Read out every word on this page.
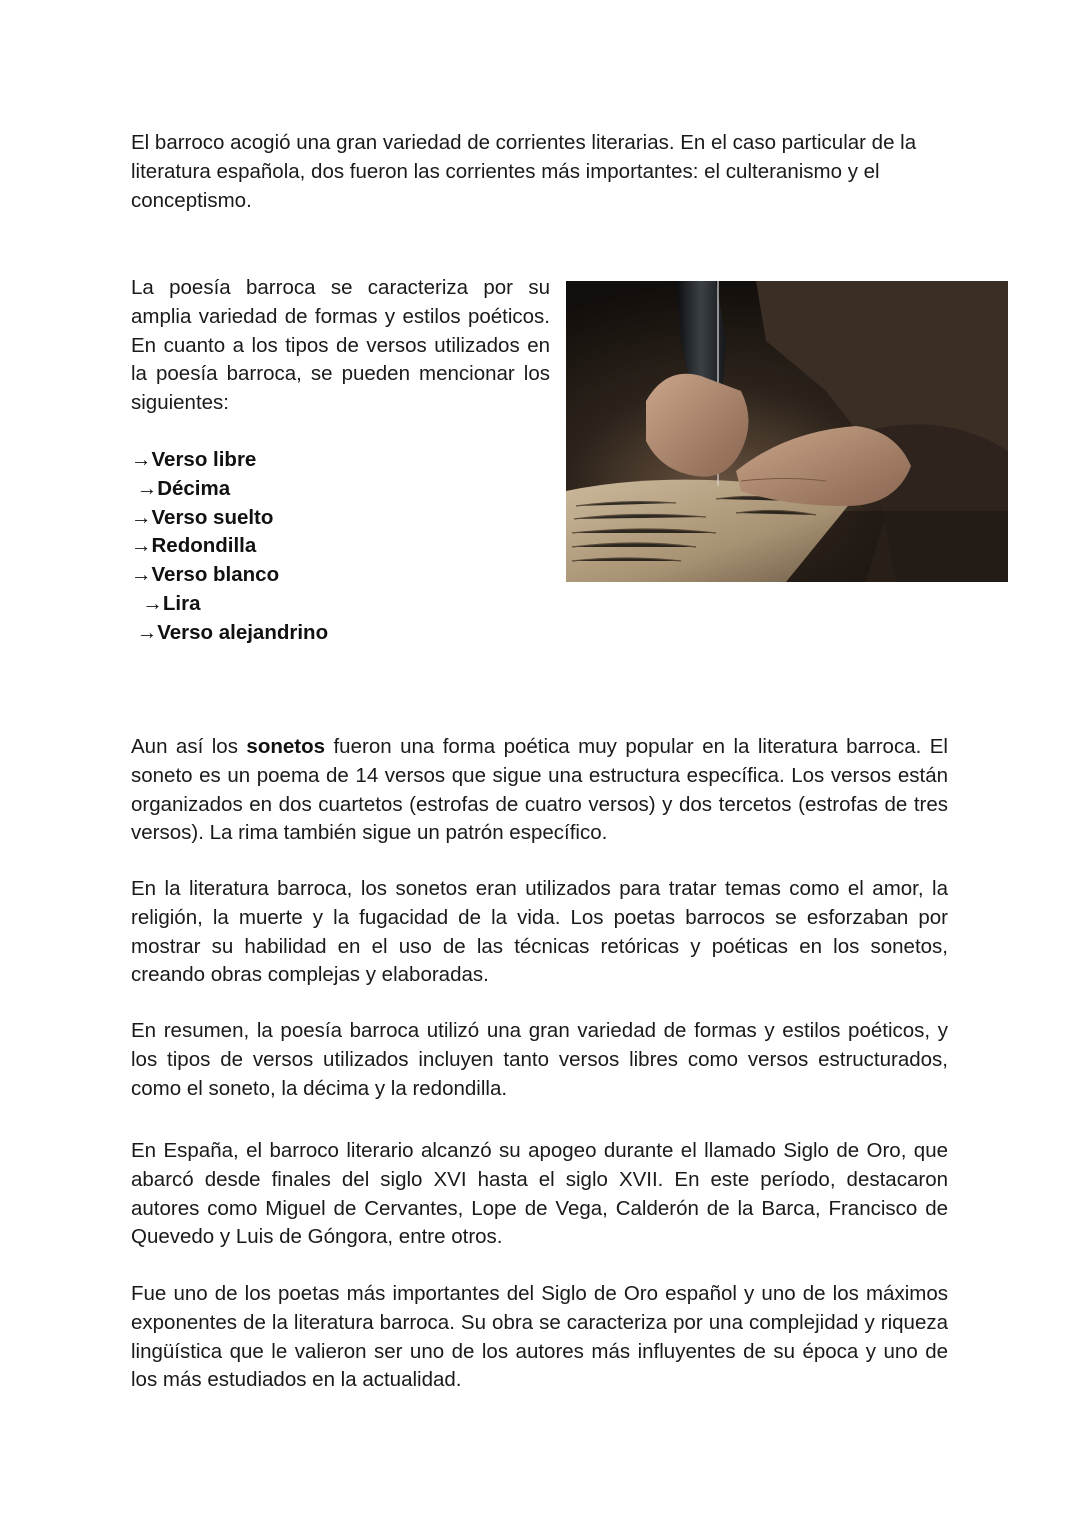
El barroco acogió una gran variedad de corrientes literarias. En el caso particular de la literatura española, dos fueron las corrientes más importantes: el culteranismo y el conceptismo.

La poesía barroca se caracteriza por su amplia variedad de formas y estilos poéticos. En cuanto a los tipos de versos utilizados en la poesía barroca, se pueden mencionar los siguientes:

→Verso libre
→Décima
→Verso suelto
→Redondilla
→Verso blanco
→Lira
→Verso alejandrino

Aun así los sonetos fueron una forma poética muy popular en la literatura barroca. El soneto es un poema de 14 versos que sigue una estructura específica. Los versos están organizados en dos cuartetos (estrofas de cuatro versos) y dos tercetos (estrofas de tres versos). La rima también sigue un patrón específico.

En la literatura barroca, los sonetos eran utilizados para tratar temas como el amor, la religión, la muerte y la fugacidad de la vida. Los poetas barrocos se esforzaban por mostrar su habilidad en el uso de las técnicas retóricas y poéticas en los sonetos, creando obras complejas y elaboradas.

En resumen, la poesía barroca utilizó una gran variedad de formas y estilos poéticos, y los tipos de versos utilizados incluyen tanto versos libres como versos estructurados, como el soneto, la décima y la redondilla.

En España, el barroco literario alcanzó su apogeo durante el llamado Siglo de Oro, que abarcó desde finales del siglo XVI hasta el siglo XVII. En este período, destacaron autores como Miguel de Cervantes, Lope de Vega, Calderón de la Barca, Francisco de Quevedo y Luis de Góngora, entre otros.

Fue uno de los poetas más importantes del Siglo de Oro español y uno de los máximos exponentes de la literatura barroca. Su obra se caracteriza por una complejidad y riqueza lingüística que le valieron ser uno de los autores más influyentes de su época y uno de los más estudiados en la actualidad.
